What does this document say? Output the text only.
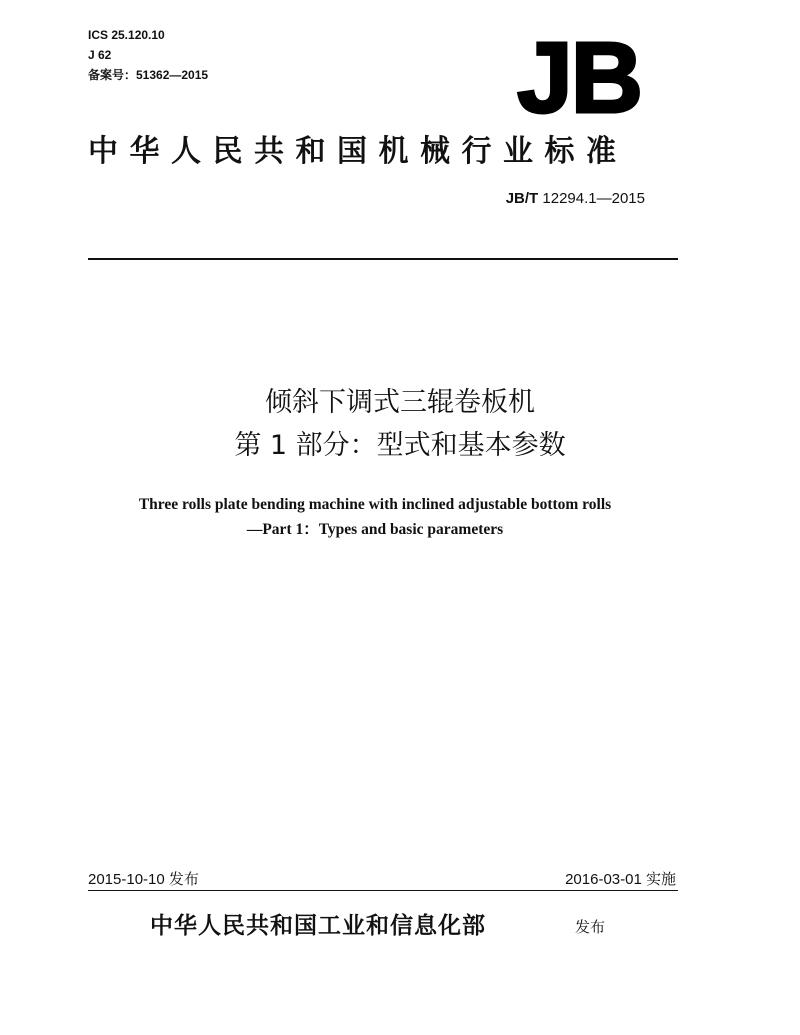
ICS 25.120.10
J 62
备案号：51362—2015	JB
中华人民共和国机械行业标准
JB/T 12294.1—2015
倾斜下调式三辊卷板机
第 1 部分：型式和基本参数
Three rolls plate bending machine with inclined adjustable bottom rolls
—Part 1：Types and basic parameters
2015-10-10 发布	2016-03-01 实施
中华人民共和国工业和信息化部	发布
